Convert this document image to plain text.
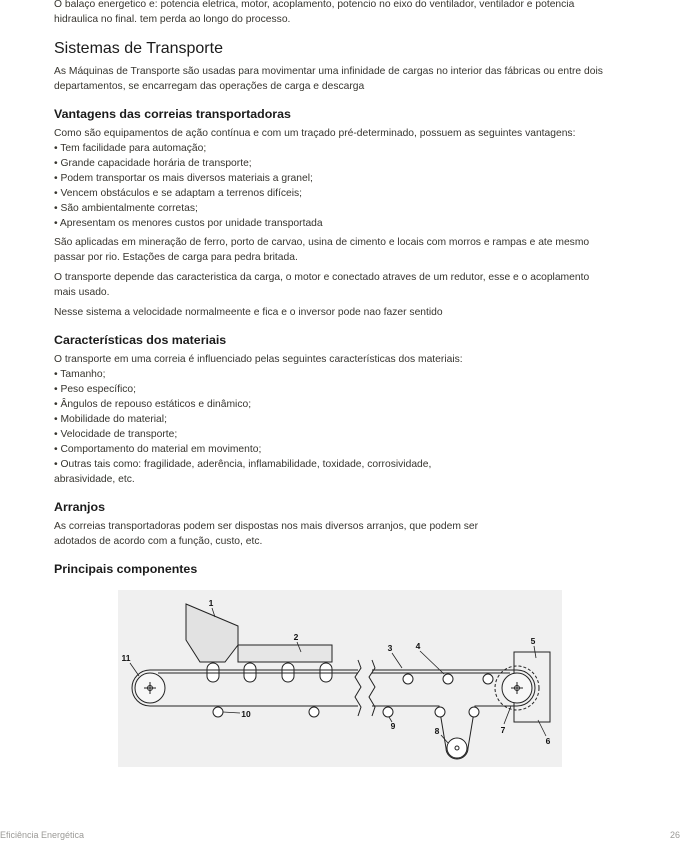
O balaço energetico e: potencia eletrica, motor, acoplamento, potencio no eixo do ventilador, ventilador e potencia
hidraulica no final. tem perda ao longo do processo.
Sistemas de Transporte
As Máquinas de Transporte são usadas para movimentar uma infinidade de cargas no interior das fábricas ou entre dois
departamentos, se encarregam das operações de carga e descarga
Vantagens das correias transportadoras
Como são equipamentos de ação contínua e com um traçado pré-determinado, possuem as seguintes vantagens:
• Tem facilidade para automação;
• Grande capacidade horária de transporte;
• Podem transportar os mais diversos materiais a granel;
• Vencem obstáculos e se adaptam a terrenos difíceis;
• São ambientalmente corretas;
• Apresentam os menores custos por unidade transportada
São aplicadas em mineração de ferro, porto de carvao, usina de cimento e locais com morros e rampas e ate mesmo
passar por rio. Estações de carga para pedra britada.
O transporte depende das caracteristica da carga, o motor e conectado atraves de um redutor, esse e o acoplamento
mais usado.
Nesse sistema a velocidade normalmeente e fica e o inversor pode nao fazer sentido
Características dos materiais
O transporte em uma correia é influenciado pelas seguintes características dos materiais:
• Tamanho;
• Peso específico;
• Ângulos de repouso estáticos e dinâmico;
• Mobilidade do material;
• Velocidade de transporte;
• Comportamento do material em movimento;
• Outras tais como: fragilidade, aderência, inflamabilidade, toxidade, corrosividade,
abrasividade, etc.
Arranjos
As correias transportadoras podem ser dispostas nos mais diversos arranjos, que podem ser
adotados de acordo com a função, custo, etc.
Principais componentes
1
2
3	4	5
6
7
8
9
10
11
Eficiência Energética	26
